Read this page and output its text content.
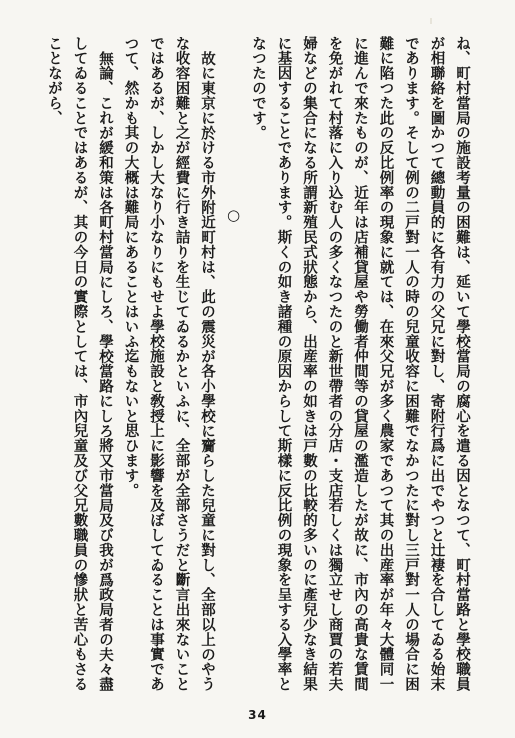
ね、町村當局の施設考量の困難は、延いて學校當局の腐心を遣る因となつて、町村當路と學校職員が相聯絡を圖かつて總動員的に各有力の父兄に對し、寄附行爲に出でやつと辻褄を合してゐる始末であります。そして例の二戸對一人の時の兒童收容に困難でなかつたに對し三戸對一人の場合に困難に陷つた此の反比例率の現象に就ては、在來父兄が多く農家であつて其の出産率が年々大體同一に進んで來たものが、近年は店補貸屋や勞働者仲間等の貸屋の濫造したが故に、市內の高貴な賃間を免がれて村落に入り込む人の多くなつたのと新世帶者の分店・支店若しくは獨立せし商賈の若夫婦などの集合になる所謂新殖民式狀態から、出産率の如きは戸數の比較的多いのに產兒少なき結果に基因することであります。斯くの如き諸種の原因からして斯樣に反比例の現象を呈する入學率となつたのです。

○

故に東京に於ける市外附近町村は、此の震災が各小學校に齎らした兒童に對し、全部以上のやうな收容困難と之が經費に行き詰りを生じてゐるかといふに、全部が全部さうだと斷言出來ないことではあるが、しかし大なり小なりにもせよ學校施設と敎授上に影響を及ぼしてゐることは事實であつて、然かも其の大概は難局にあることはいふ迄もないと思ひます。

無論、これが緩和策は各町村當局にしろ、學校當路にしろ將又市當局及び我が爲政局者の夫々盡してゐることではあるが、其の今日の實際としては、市內兒童及び父兄數職員の慘狀と苦心もさることながら、

34
